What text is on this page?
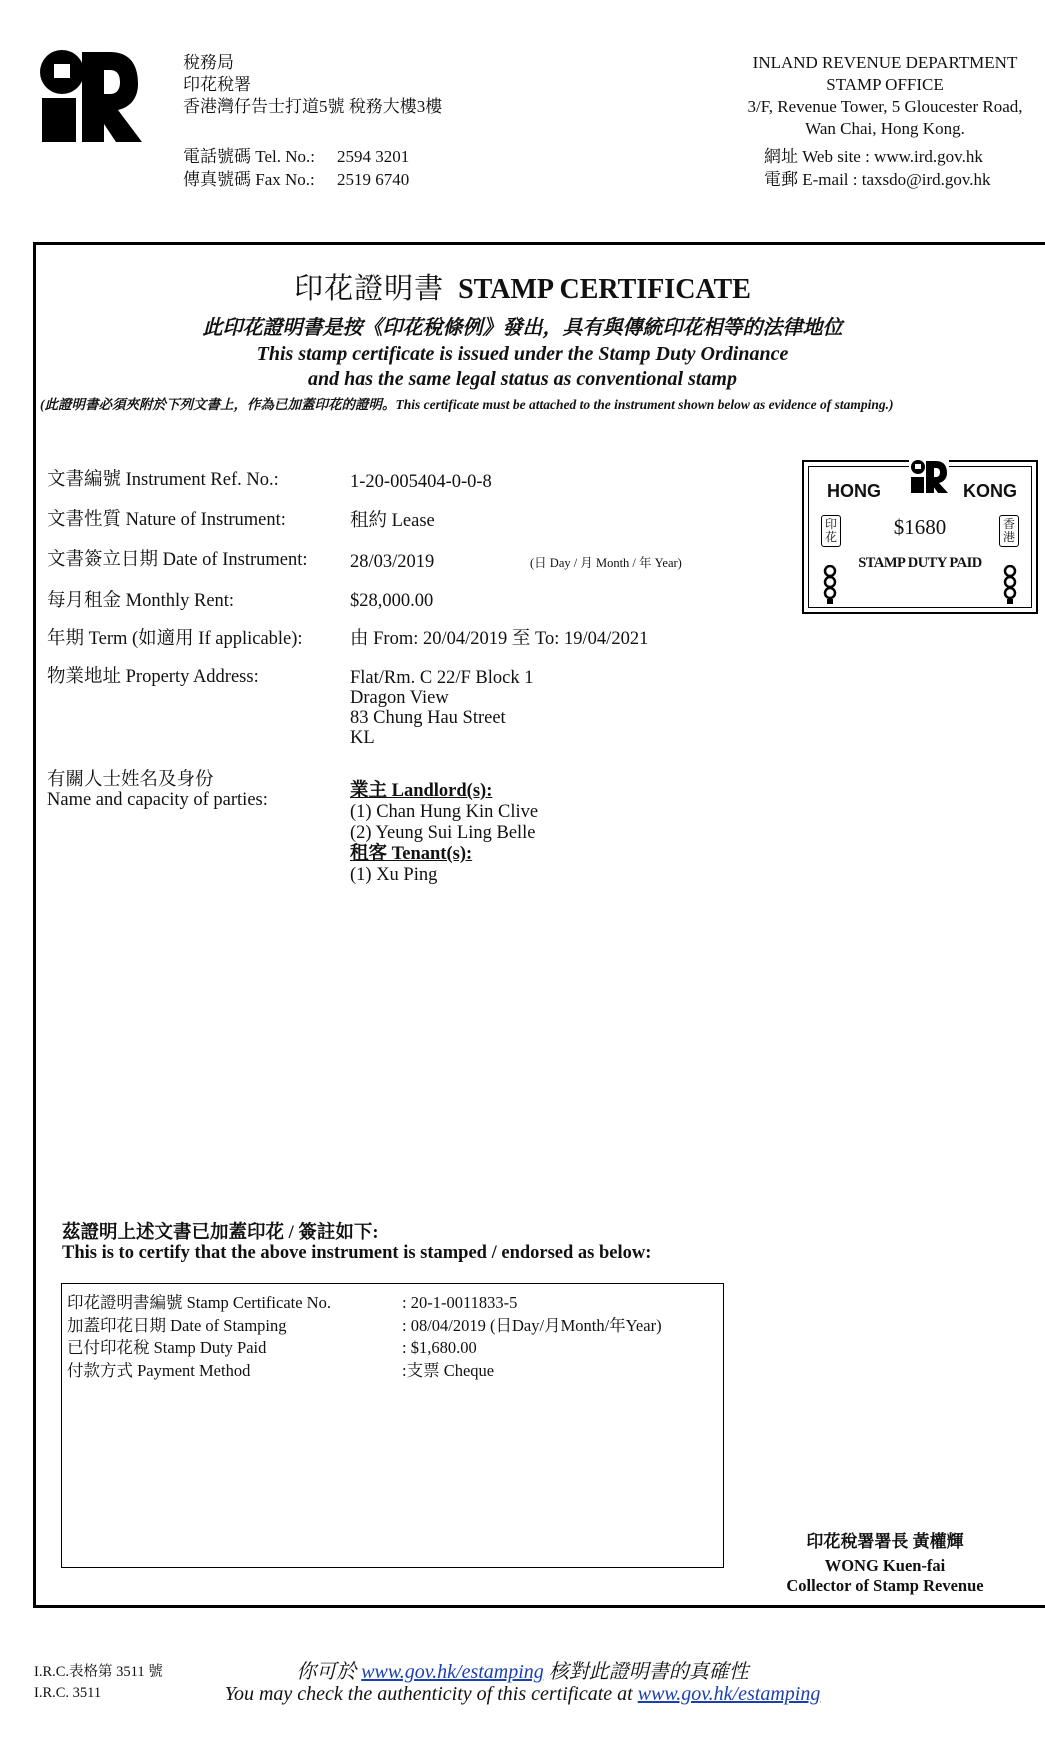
稅務局
印花稅署
香港灣仔告士打道5號 稅務大樓3樓
電話號碼 Tel. No.:	2594 3201
傳真號碼 Fax No.:	2519 6740
INLAND REVENUE DEPARTMENT
STAMP OFFICE
3/F, Revenue Tower, 5 Gloucester Road,
Wan Chai, Hong Kong.
網址 Web site : www.ird.gov.hk
電郵 E-mail : taxsdo@ird.gov.hk
印花證明書 STAMP CERTIFICATE
此印花證明書是按《印花稅條例》發出，具有與傳統印花相等的法律地位
This stamp certificate is issued under the Stamp Duty Ordinance
and has the same legal status as conventional stamp
(此證明書必須夾附於下列文書上，作為已加蓋印花的證明。This certificate must be attached to the instrument shown below as evidence of stamping.)
文書編號 Instrument Ref. No.:	1-20-005404-0-0-8
文書性質 Nature of Instrument:	租約 Lease
文書簽立日期 Date of Instrument: 28/03/2019	(日 Day / 月 Month / 年 Year)
每月租金 Monthly Rent:	$28,000.00
年期 Term (如適用 If applicable):	由 From: 20/04/2019 至 To: 19/04/2021
物業地址 Property Address:	Flat/Rm. C 22/F Block 1
Dragon View
83 Chung Hau Street
KL
有關人士姓名及身份
Name and capacity of parties:	業主 Landlord(s):
(1) Chan Hung Kin Clive
(2) Yeung Sui Ling Belle
租客 Tenant(s):
(1) Xu Ping
HONG	KONG
$1680
STAMP DUTY PAID
印花
香港
茲證明上述文書已加蓋印花 / 簽註如下:
This is to certify that the above instrument is stamped / endorsed as below:
印花證明書編號 Stamp Certificate No.	: 20-1-0011833-5
加蓋印花日期 Date of Stamping	: 08/04/2019 (日Day/月Month/年Year)
已付印花稅 Stamp Duty Paid	: $1,680.00
付款方式 Payment Method	:支票 Cheque
印花稅署署長 黃權輝
WONG Kuen-fai
Collector of Stamp Revenue
I.R.C.表格第 3511 號
I.R.C. 3511
你可於 www.gov.hk/estamping 核對此證明書的真確性
You may check the authenticity of this certificate at www.gov.hk/estamping
